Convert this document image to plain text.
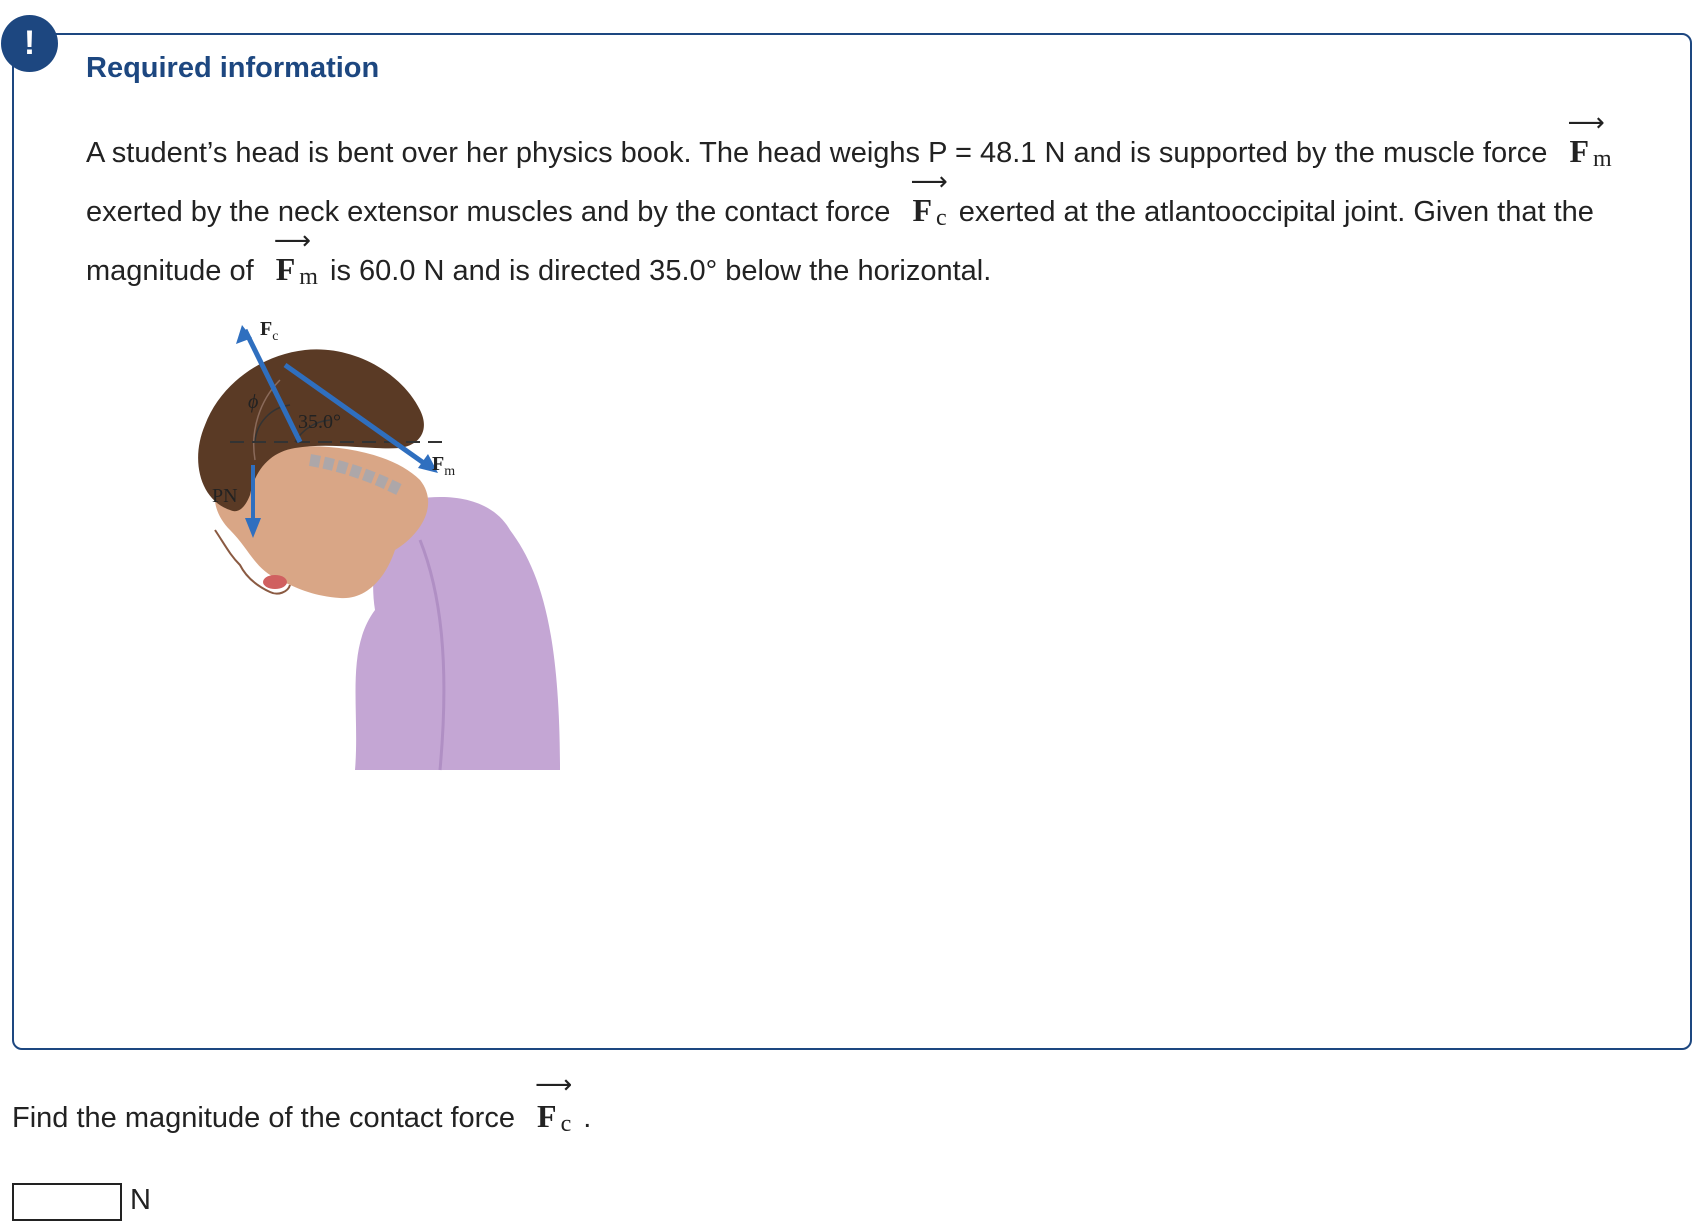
!
Required information
A student’s head is bent over her physics book. The head weighs P = 48.1 N and is supported by the muscle force
⟶
F $_m$ exerted by the neck extensor muscles and by the contact force
⟶
F $_c$ exerted at the atlantooccipital joint. Given that the magnitude of
⟶
F $_m$ is 60.0 N and is directed 35.0° below the horizontal.
$F_c$
$F_m$
ϕ
35.0°
PN
Find the magnitude of the contact force
⟶
F $_c$ .
N
